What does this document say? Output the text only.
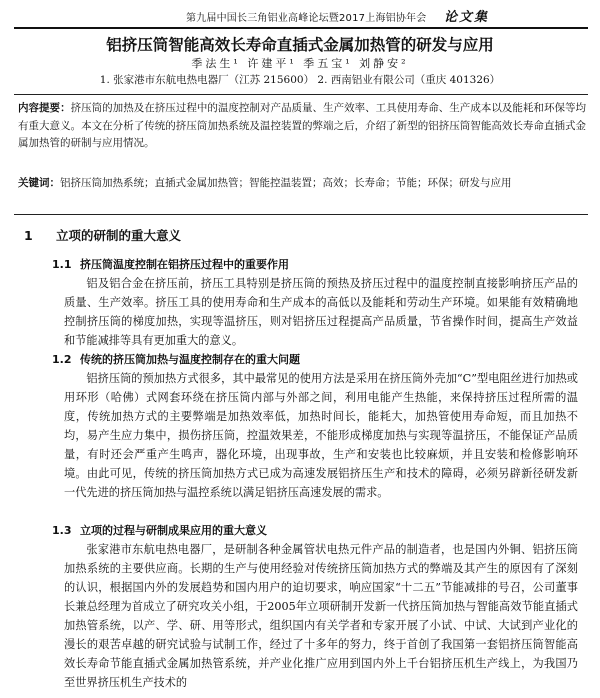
第九届中国长三角铝业高峰论坛暨2017上海铝协年会 论文集
铝挤压筒智能高效长寿命直插式金属加热管的研发与应用
季法生¹ 许建平¹ 季五宝¹ 刘静安²
1. 张家港市东航电热电器厂（江苏 215600） 2. 西南铝业有限公司（重庆 401326）
内容提要：挤压筒的加热及在挤压过程中的温度控制对产品质量、生产效率、工具使用寿命、生产成本以及能耗和环保等均有重大意义。本文在分析了传统的挤压筒加热系统及温控装置的弊端之后，介绍了新型的铝挤压筒智能高效长寿命直插式金属加热管的研制与应用情况。
关键词：铝挤压筒加热系统；直插式金属加热管；智能控温装置；高效；长寿命；节能；环保；研发与应用
1 立项的研制的重大意义
1.1 挤压筒温度控制在铝挤压过程中的重要作用
铝及铝合金在挤压前，挤压工具特别是挤压筒的预热及挤压过程中的温度控制直接影响挤压产品的质量、生产效率。挤压工具的使用寿命和生产成本的高低以及能耗和劳动生产环境。如果能有效精确地控制挤压筒的梯度加热，实现等温挤压，则对铝挤压过程提高产品质量，节省操作时间，提高生产效益和节能减排等具有更加重大的意义。
1.2 传统的挤压筒加热与温度控制存在的重大问题
铝挤压筒的预加热方式很多，其中最常见的使用方法是采用在挤压筒外壳加“C”型电阻丝进行加热或用环形（哈佛）式网套环绕在挤压筒内部与外部之间，利用电能产生热能，来保持挤压过程所需的温度，传统加热方式的主要弊端是加热效率低，加热时间长，能耗大，加热管使用寿命短，而且加热不均，易产生应力集中，损伤挤压筒，控温效果差，不能形成梯度加热与实现等温挤压，不能保证产品质量，有时还会严重产生鸣声，器化环境，出现事故，生产和安装也比较麻烦，并且安装和检修影响环境。由此可见，传统的挤压筒加热方式已成为高速发展铝挤压生产和技术的障碍，必须另辟新径研发新一代先进的挤压筒加热与温控系统以满足铝挤压高速发展的需求。
1.3 立项的过程与研制成果应用的重大意义
张家港市东航电热电器厂，是研制各种金属管状电热元件产品的制造者，也是国内外铜、铝挤压筒加热系统的主要供应商。长期的生产与使用经验对传统挤压筒加热方式的弊端及其产生的原因有了深刻的认识，根据国内外的发展趋势和国内用户的迫切要求，响应国家“十二五”节能减排的号召，公司董事长兼总经理为首成立了研究攻关小组，于2005年立项研制开发新一代挤压筒加热与智能高效节能直插式加热管系统，以产、学、研、用等形式，组织国内有关学者和专家开展了小试、中试、大试到产业化的漫长的艰苦卓越的研究试验与试制工作，经过了十多年的努力，终于首创了我国第一套铝挤压筒智能高效长寿命节能直插式金属加热管系统，并产业化推广应用到国内外上千台铝挤压机生产线上，为我国乃至世界挤压机生产技术的
